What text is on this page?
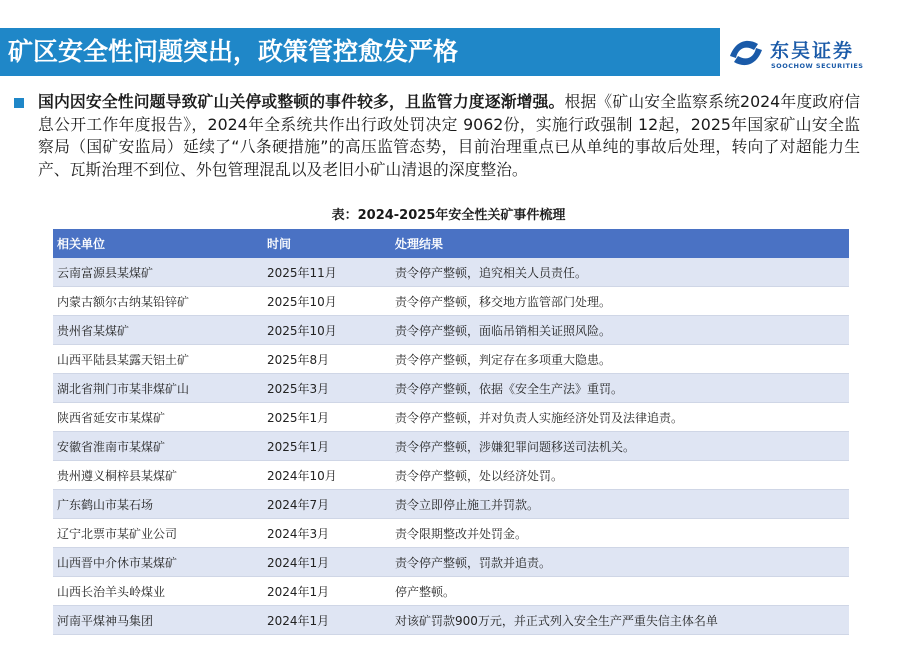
矿区安全性问题突出，政策管控愈发严格	东吴证券
SOOCHOW SECURITIES
国内因安全性问题导致矿山关停或整顿的事件较多，且监管力度逐渐增强。根据《矿山安全监察系统2024年度政府信息公开工作年度报告》，2024年全系统共作出行政处罚决定 9062份，实施行政强制 12起，2025年国家矿山安全监察局（国矿安监局）延续了“八条硬措施”的高压监管态势，目前治理重点已从单纯的事故后处理，转向了对超能力生产、瓦斯治理不到位、外包管理混乱以及老旧小矿山清退的深度整治。
表：2024-2025年安全性关矿事件梳理
相关单位	时间	处理结果
云南富源县某煤矿	2025年11月	责令停产整顿，追究相关人员责任。
内蒙古额尔古纳某铅锌矿	2025年10月	责令停产整顿，移交地方监管部门处理。
贵州省某煤矿	2025年10月	责令停产整顿，面临吊销相关证照风险。
山西平陆县某露天铝土矿	2025年8月	责令停产整顿，判定存在多项重大隐患。
湖北省荆门市某非煤矿山	2025年3月	责令停产整顿，依据《安全生产法》重罚。
陕西省延安市某煤矿	2025年1月	责令停产整顿，并对负责人实施经济处罚及法律追责。
安徽省淮南市某煤矿	2025年1月	责令停产整顿，涉嫌犯罪问题移送司法机关。
贵州遵义桐梓县某煤矿	2024年10月	责令停产整顿，处以经济处罚。
广东鹤山市某石场	2024年7月	责令立即停止施工并罚款。
辽宁北票市某矿业公司	2024年3月	责令限期整改并处罚金。
山西晋中介休市某煤矿	2024年1月	责令停产整顿，罚款并追责。
山西长治羊头岭煤业	2024年1月	停产整顿。
河南平煤神马集团	2024年1月	对该矿罚款900万元，并正式列入安全生产严重失信主体名单
